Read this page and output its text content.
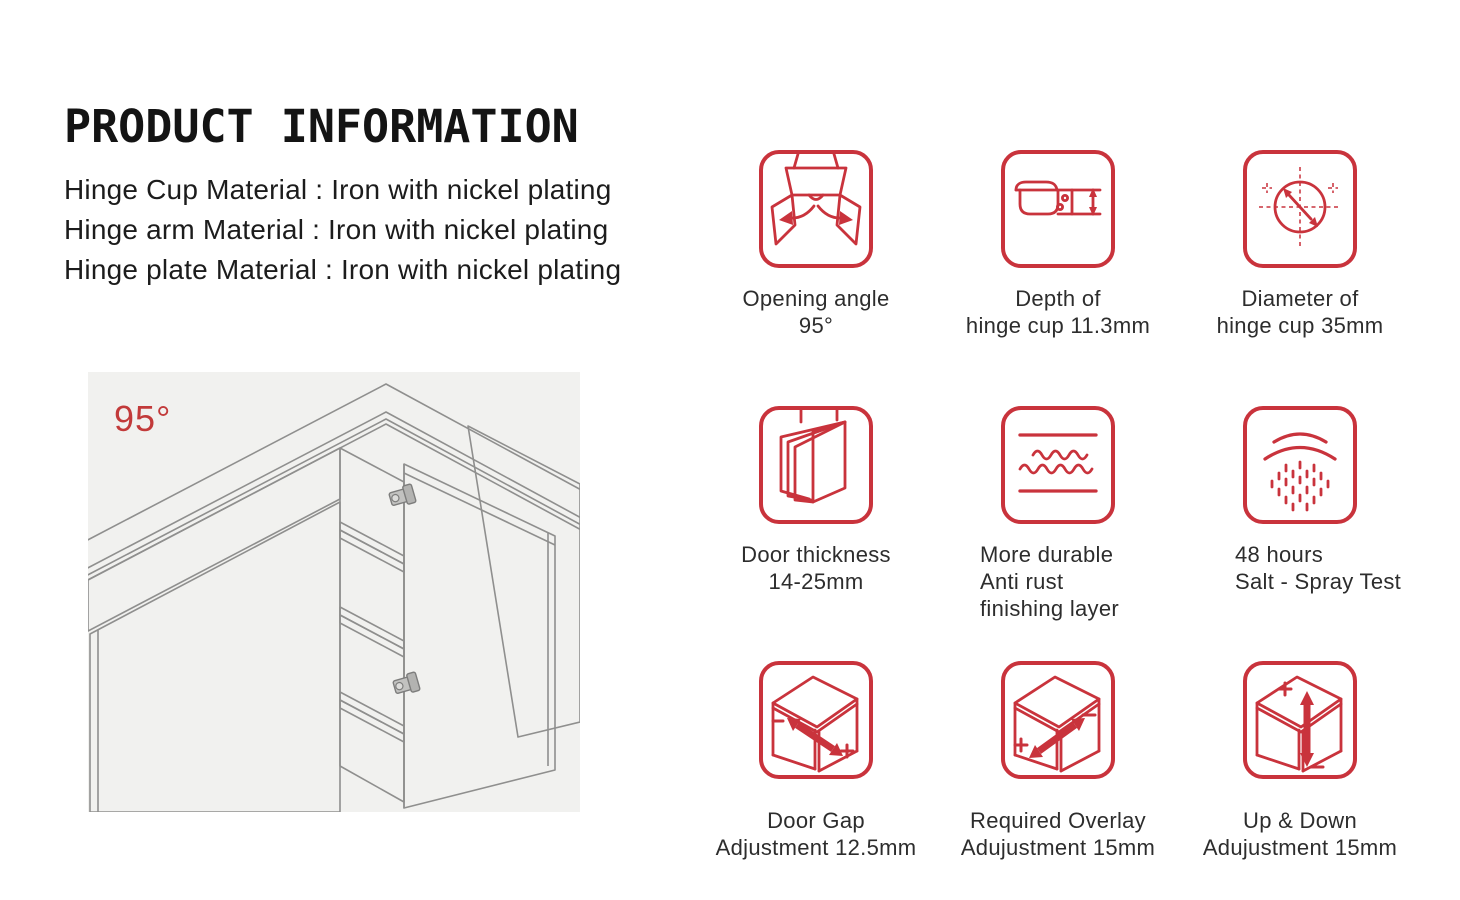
PRODUCT INFORMATION
Hinge Cup Material : Iron with nickel plating
Hinge arm Material : Iron with nickel plating
Hinge plate Material : Iron with nickel plating
95°
Opening angle
95°
Depth of
hinge cup 11.3mm
Diameter of
hinge cup 35mm
Door thickness
14-25mm
More durable
Anti rust
finishing layer
48 hours
Salt - Spray Test
Door Gap
Adjustment 12.5mm
Required Overlay
Adujustment 15mm
Up & Down
Adujustment 15mm
